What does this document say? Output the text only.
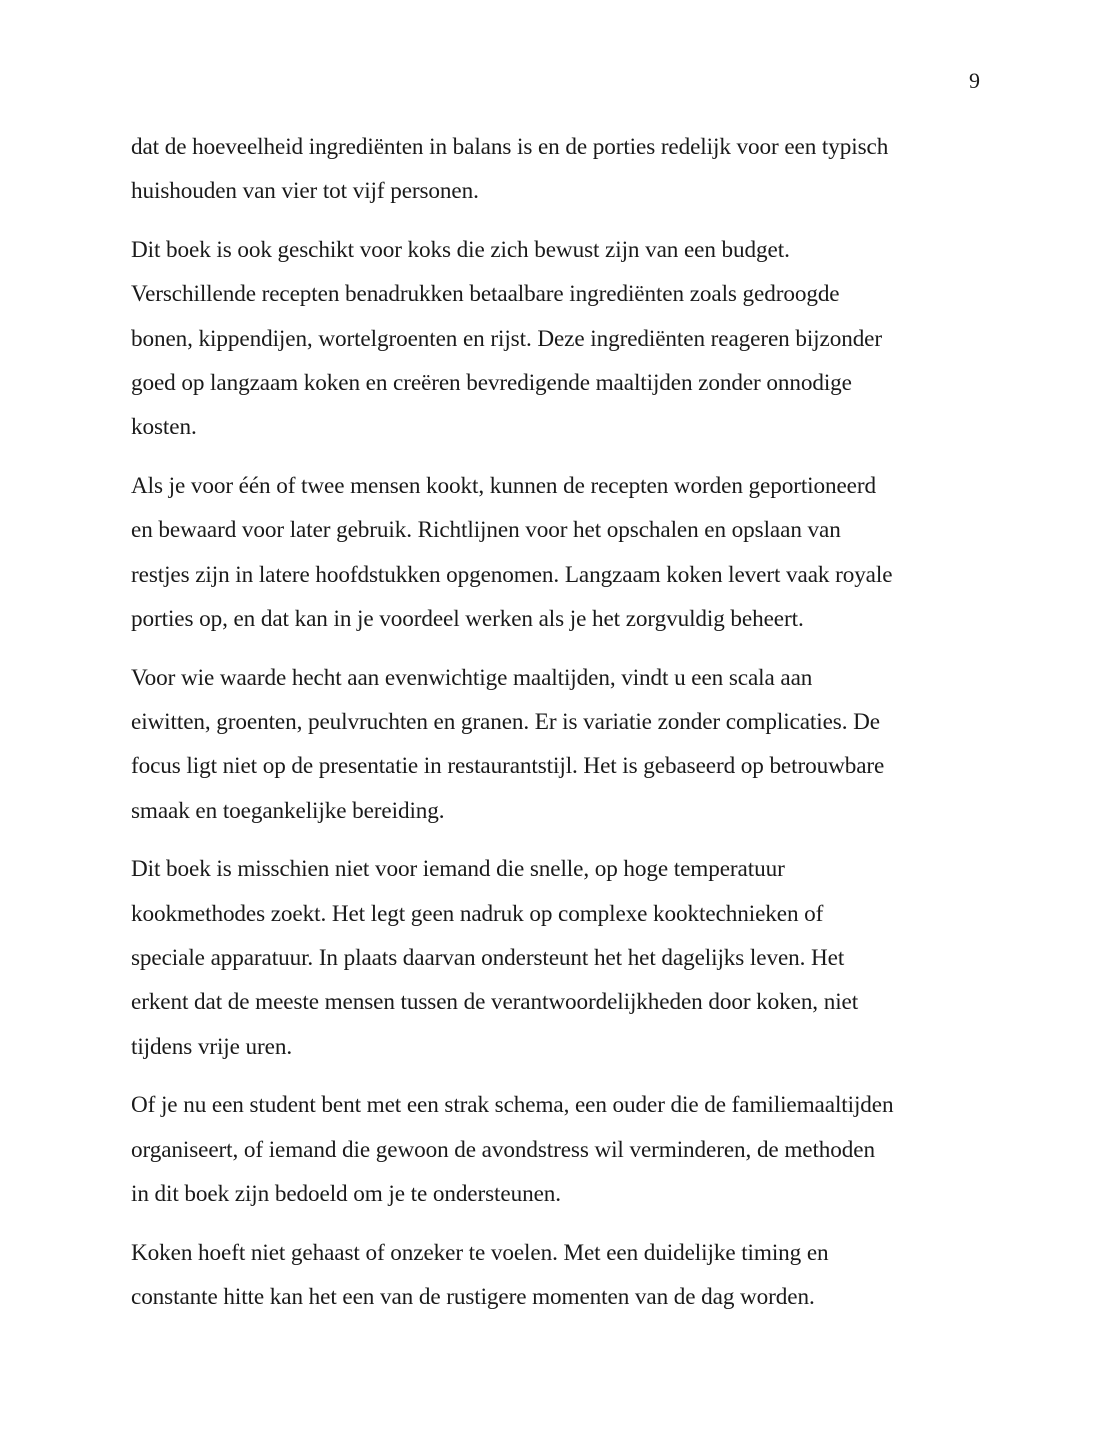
9

dat de hoeveelheid ingrediënten in balans is en de porties redelijk voor een typisch
huishouden van vier tot vijf personen.

Dit boek is ook geschikt voor koks die zich bewust zijn van een budget.
Verschillende recepten benadrukken betaalbare ingrediënten zoals gedroogde
bonen, kippendijen, wortelgroenten en rijst. Deze ingrediënten reageren bijzonder
goed op langzaam koken en creëren bevredigende maaltijden zonder onnodige
kosten.

Als je voor één of twee mensen kookt, kunnen de recepten worden geportioneerd
en bewaard voor later gebruik. Richtlijnen voor het opschalen en opslaan van
restjes zijn in latere hoofdstukken opgenomen. Langzaam koken levert vaak royale
porties op, en dat kan in je voordeel werken als je het zorgvuldig beheert.

Voor wie waarde hecht aan evenwichtige maaltijden, vindt u een scala aan
eiwitten, groenten, peulvruchten en granen. Er is variatie zonder complicaties. De
focus ligt niet op de presentatie in restaurantstijl. Het is gebaseerd op betrouwbare
smaak en toegankelijke bereiding.

Dit boek is misschien niet voor iemand die snelle, op hoge temperatuur
kookmethodes zoekt. Het legt geen nadruk op complexe kooktechnieken of
speciale apparatuur. In plaats daarvan ondersteunt het het dagelijks leven. Het
erkent dat de meeste mensen tussen de verantwoordelijkheden door koken, niet
tijdens vrije uren.

Of je nu een student bent met een strak schema, een ouder die de familiemaaltijden
organiseert, of iemand die gewoon de avondstress wil verminderen, de methoden
in dit boek zijn bedoeld om je te ondersteunen.

Koken hoeft niet gehaast of onzeker te voelen. Met een duidelijke timing en
constante hitte kan het een van de rustigere momenten van de dag worden.
